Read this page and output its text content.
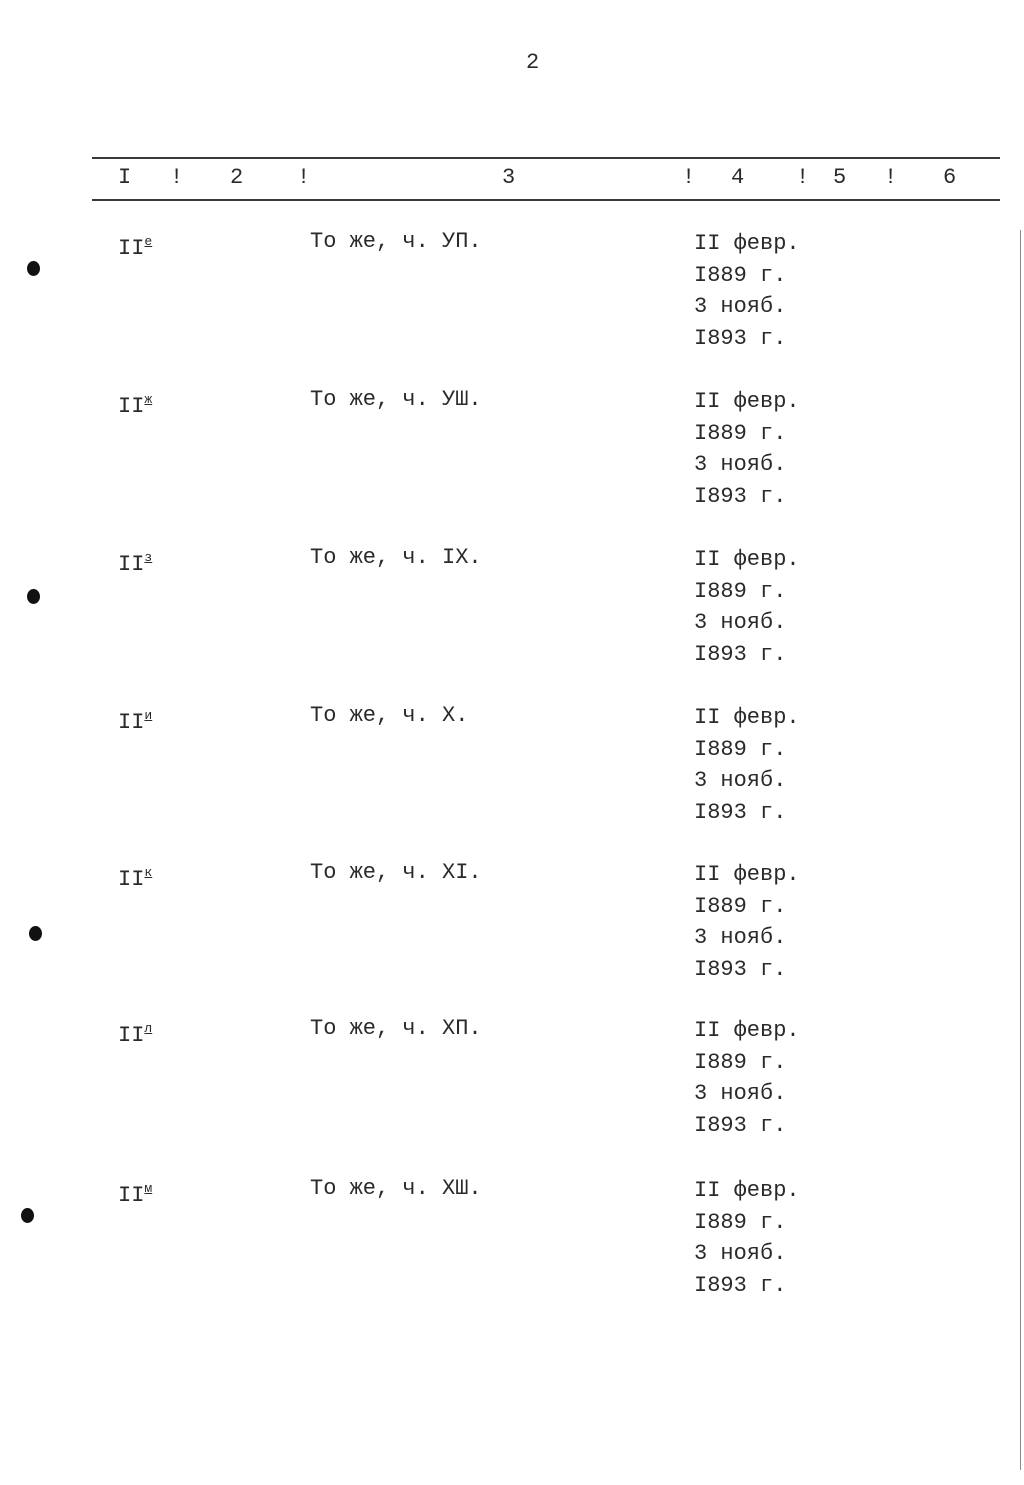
2
I ! 2 !	3	! 4 ! 5 ! 6
$II^е$	То же, ч. УП.	II февр.
I889 г.
3 нояб.
I893 г.
$II^ж$	То же, ч. УШ.	II февр.
I889 г.
3 нояб.
I893 г.
$II^з$	То же, ч. IX.	II февр.
I889 г.
3 нояб.
I893 г.
$II^и$	То же, ч. X.	II февр.
I889 г.
3 нояб.
I893 г.
$II^к$	То же, ч. XI.	II февр.
I889 г.
3 нояб.
I893 г.
$II^л$	То же, ч. XП.	II февр.
I889 г.
3 нояб.
I893 г.
$II^м$	То же, ч. XШ.	II февр.
I889 г.
3 нояб.
I893 г.
